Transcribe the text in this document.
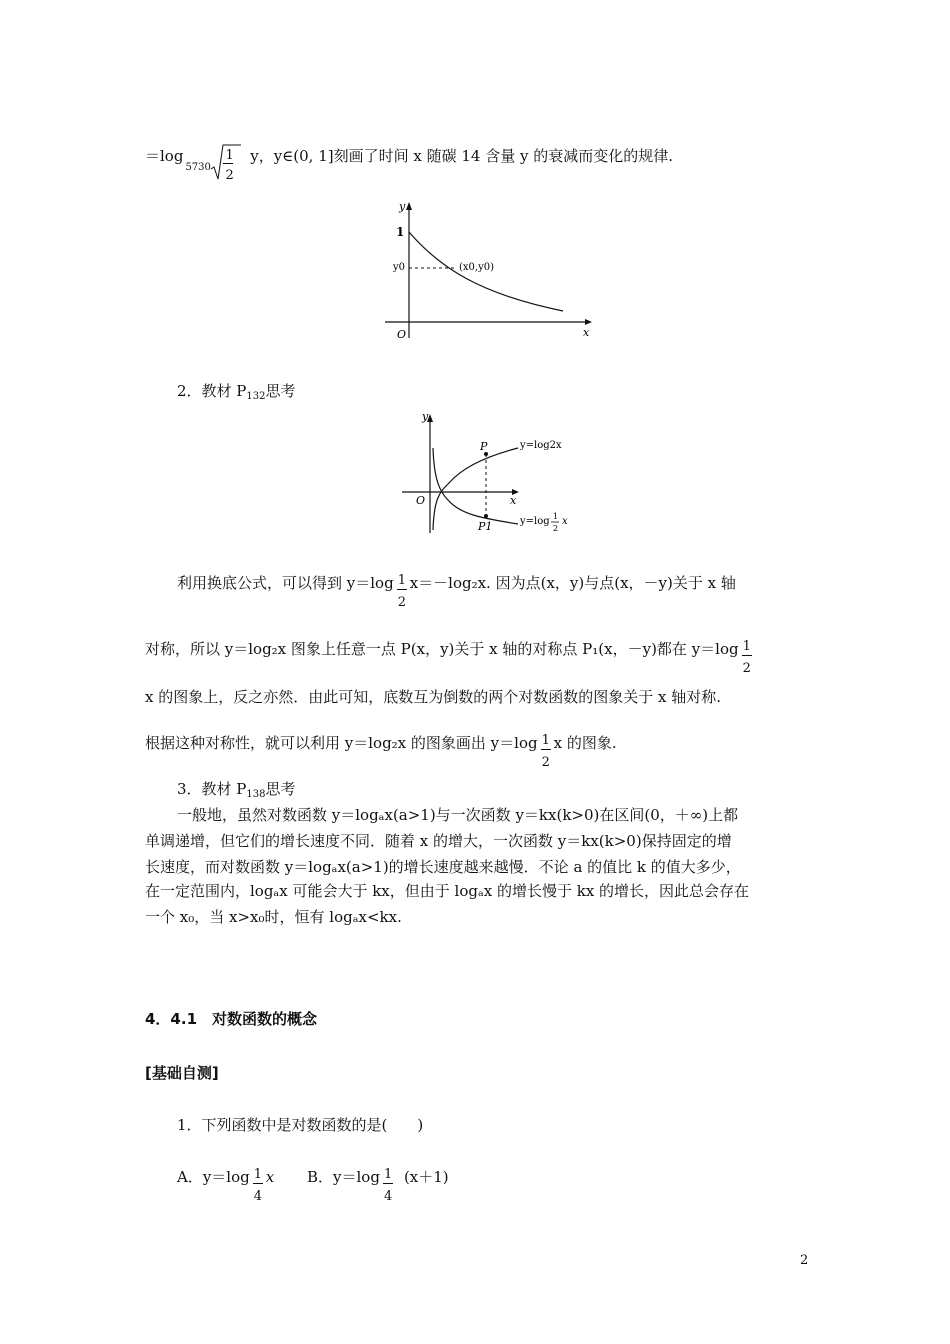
＝log
5730
1
2
y，y∈(0, 1]刻画了时间 x 随碳 14 含量 y 的衰减而变化的规律.
y
x
O
1
y0	(x0,y0)
2．教材 $P_{132}$思考
y
x
O
P
P1
y=log2x
y=log 1
2
x
利用换底公式，可以得到 $y=\log \frac{1}{2} x=-\log_2x$. 因为点(x，y)与点(x，－y)关于 x 轴
对称，所以 y＝log₂x 图象上任意一点 P(x，y)关于 x 轴的对称点 P₁(x，－y)都在 $y=\log \frac{1}{2}$
x 的图象上，反之亦然．由此可知，底数互为倒数的两个对数函数的图象关于 x 轴对称.
根据这种对称性，就可以利用 y＝log₂x 的图象画出 $y=\log \frac{1}{2}$ x 的图象.
3．教材 $P_{138}$思考
一般地，虽然对数函数 y＝logₐx(a>1)与一次函数 y＝kx(k>0)在区间(0，＋∞)上都
单调递增，但它们的增长速度不同．随着 x 的增大，一次函数 y＝kx(k>0)保持固定的增
长速度，而对数函数 y＝logₐx(a>1)的增长速度越来越慢．不论 a 的值比 k 的值大多少，
在一定范围内，logₐx 可能会大于 kx，但由于 logₐx 的增长慢于 kx 的增长，因此总会存在
一个 x₀，当 x>x₀时，恒有 logₐx<kx.
4．4.1　对数函数的概念
[基础自测]
1．下列函数中是对数函数的是(　　)
A．$y=\log \frac{1}{4}$ x B．$y=\log \frac{1}{4} (x+1)$
2
